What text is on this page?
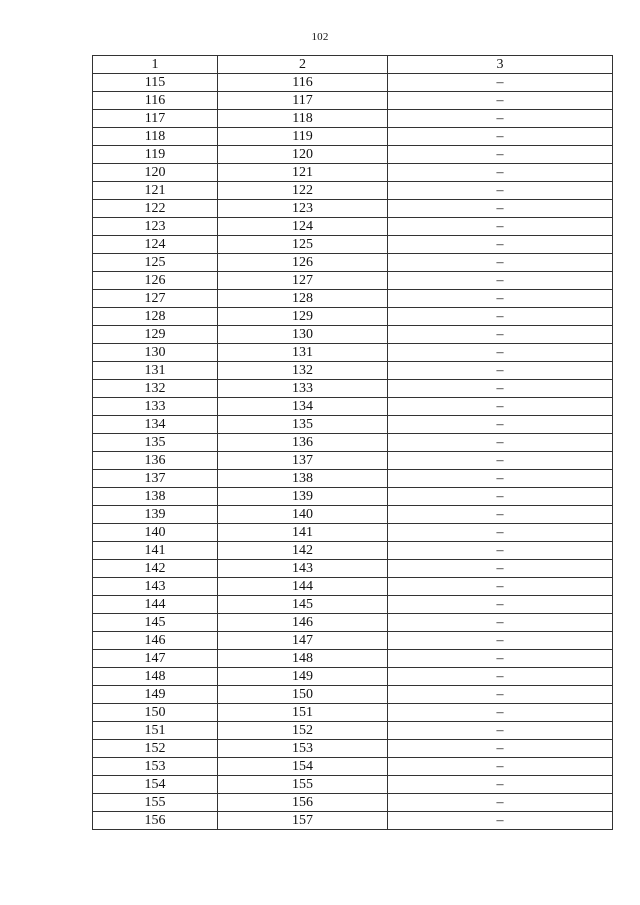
102
1	2	3
115	116	–
116	117	–
117	118	–
118	119	–
119	120	–
120	121	–
121	122	–
122	123	–
123	124	–
124	125	–
125	126	–
126	127	–
127	128	–
128	129	–
129	130	–
130	131	–
131	132	–
132	133	–
133	134	–
134	135	–
135	136	–
136	137	–
137	138	–
138	139	–
139	140	–
140	141	–
141	142	–
142	143	–
143	144	–
144	145	–
145	146	–
146	147	–
147	148	–
148	149	–
149	150	–
150	151	–
151	152	–
152	153	–
153	154	–
154	155	–
155	156	–
156	157	–
